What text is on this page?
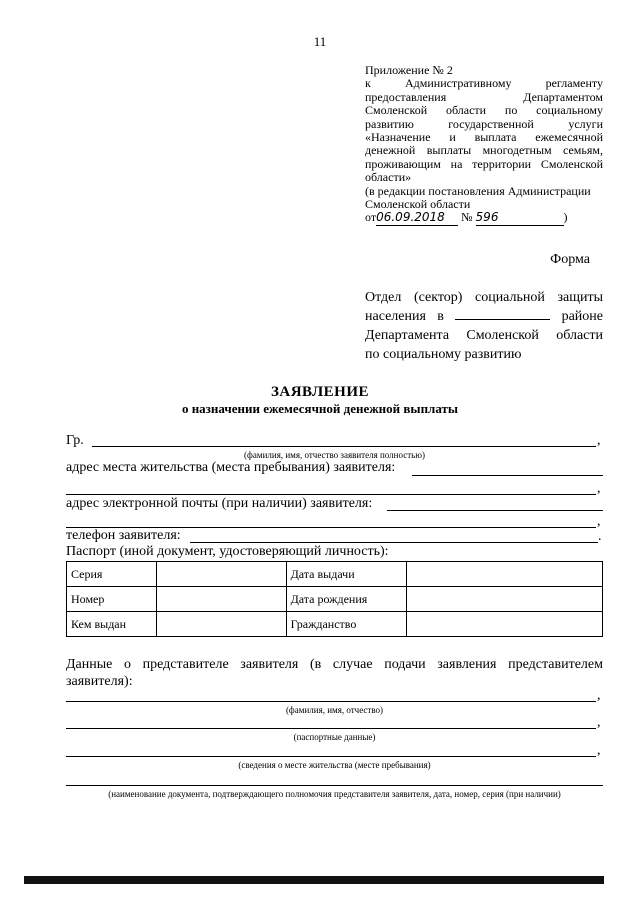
11
Приложение № 2
к Административному регламенту
предоставления Департаментом
Смоленской области по социальному
развитию государственной услуги
«Назначение и выплата ежемесячной
денежной выплаты многодетным семьям,
проживающим на территории Смоленской
области»
(в редакции постановления Администрации
Смоленской области
от06.09.2018 № 596	)
Форма
Отдел (сектор) социальной защиты
населения в	районе
Департамента Смоленской области
по социальному развитию
ЗАЯВЛЕНИЕ
о назначении ежемесячной денежной выплаты
Гр.	,
(фамилия, имя, отчество заявителя полностью)
адрес места жительства (места пребывания) заявителя:
,
адрес электронной почты (при наличии) заявителя:
,
телефон заявителя:	.
Паспорт (иной документ, удостоверяющий личность):
Серия		Дата выдачи	
Номер		Дата рождения	
Кем выдан		Гражданство	
Данные о представителе заявителя (в случае подачи заявления представителем заявителя):
,
(фамилия, имя, отчество)
,
(паспортные данные)
,
(сведения о месте жительства (месте пребывания)
(наименование документа, подтверждающего полномочия представителя заявителя, дата, номер, серия (при наличии)
